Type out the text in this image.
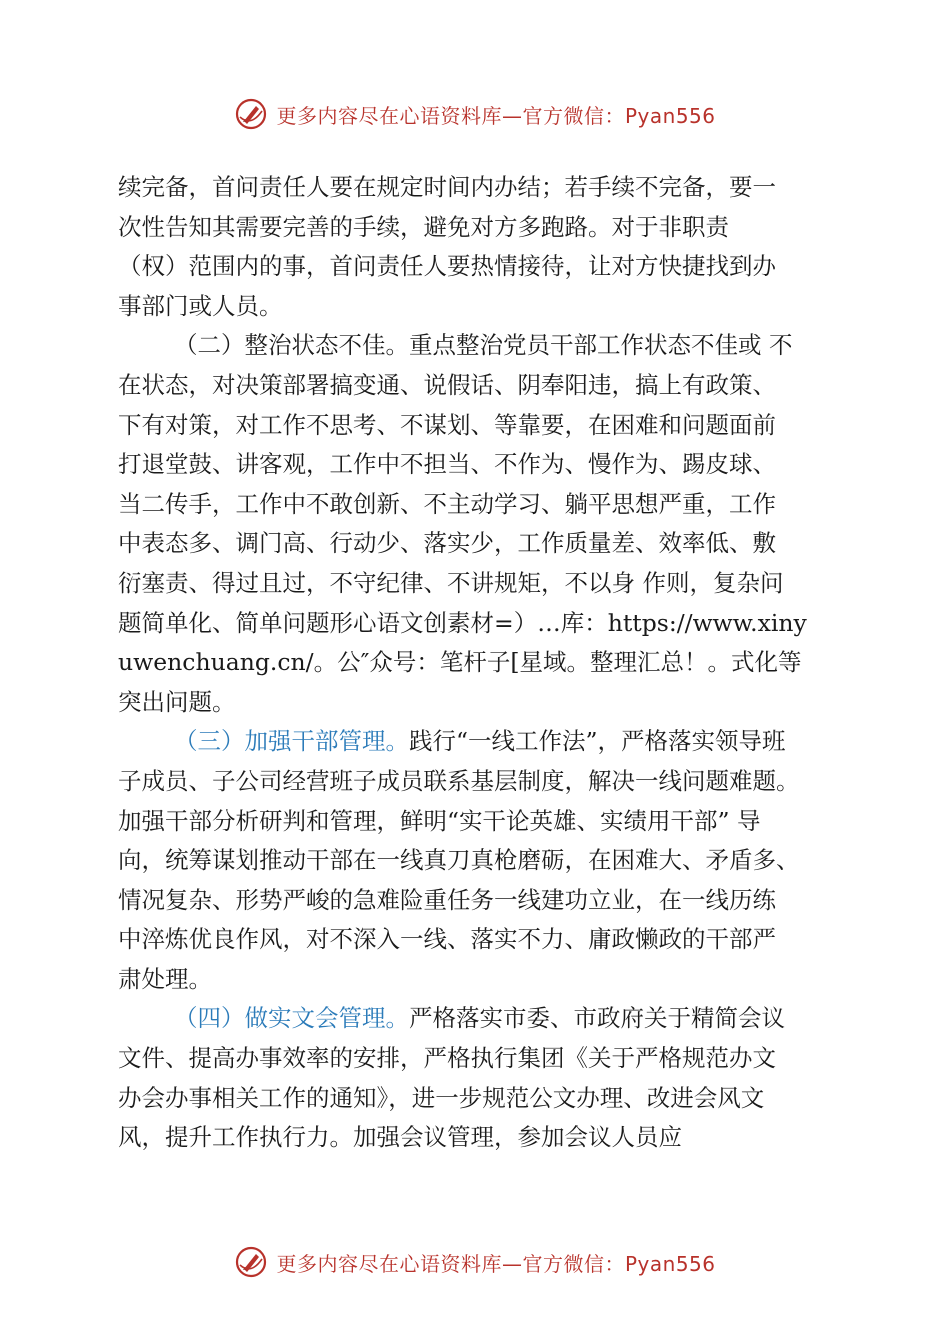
更多内容尽在心语资料库—官方微信：Pyan556
续完备，首问责任人要在规定时间内办结；若手续不完备，要一
次性告知其需要完善的手续，避免对方多跑路。对于非职责
（权）范围内的事，首问责任人要热情接待，让对方快捷找到办
事部门或人员。
（二）整治状态不佳。重点整治党员干部工作状态不佳或 不
在状态，对决策部署搞变通、说假话、阴奉阳违，搞上有政策、
下有对策，对工作不思考、不谋划、等靠要，在困难和问题面前
打退堂鼓、讲客观，工作中不担当、不作为、慢作为、踢皮球、
当二传手，工作中不敢创新、不主动学习、躺平思想严重，工作
中表态多、调门高、行动少、落实少，工作质量差、效率低、敷
衍塞责、得过且过，不守纪律、不讲规矩，不以身 作则，复杂问
题简单化、简单问题形心语文创素材=）…库：https://www.xiny
uwenchuang.cn/。公″众号：笔杆子[星域。整理汇总！。式化等
突出问题。
（三）加强干部管理。践行“一线工作法”，严格落实领导班
子成员、子公司经营班子成员联系基层制度，解决一线问题难题。
加强干部分析研判和管理，鲜明“实干论英雄、实绩用干部” 导
向，统筹谋划推动干部在一线真刀真枪磨砺，在困难大、矛盾多、
情况复杂、形势严峻的急难险重任务一线建功立业，在一线历练
中淬炼优良作风，对不深入一线、落实不力、庸政懒政的干部严
肃处理。
（四）做实文会管理。严格落实市委、市政府关于精简会议
文件、提高办事效率的安排，严格执行集团《关于严格规范办文
办会办事相关工作的通知》，进一步规范公文办理、改进会风文
风，提升工作执行力。加强会议管理，参加会议人员应
更多内容尽在心语资料库—官方微信：Pyan556
